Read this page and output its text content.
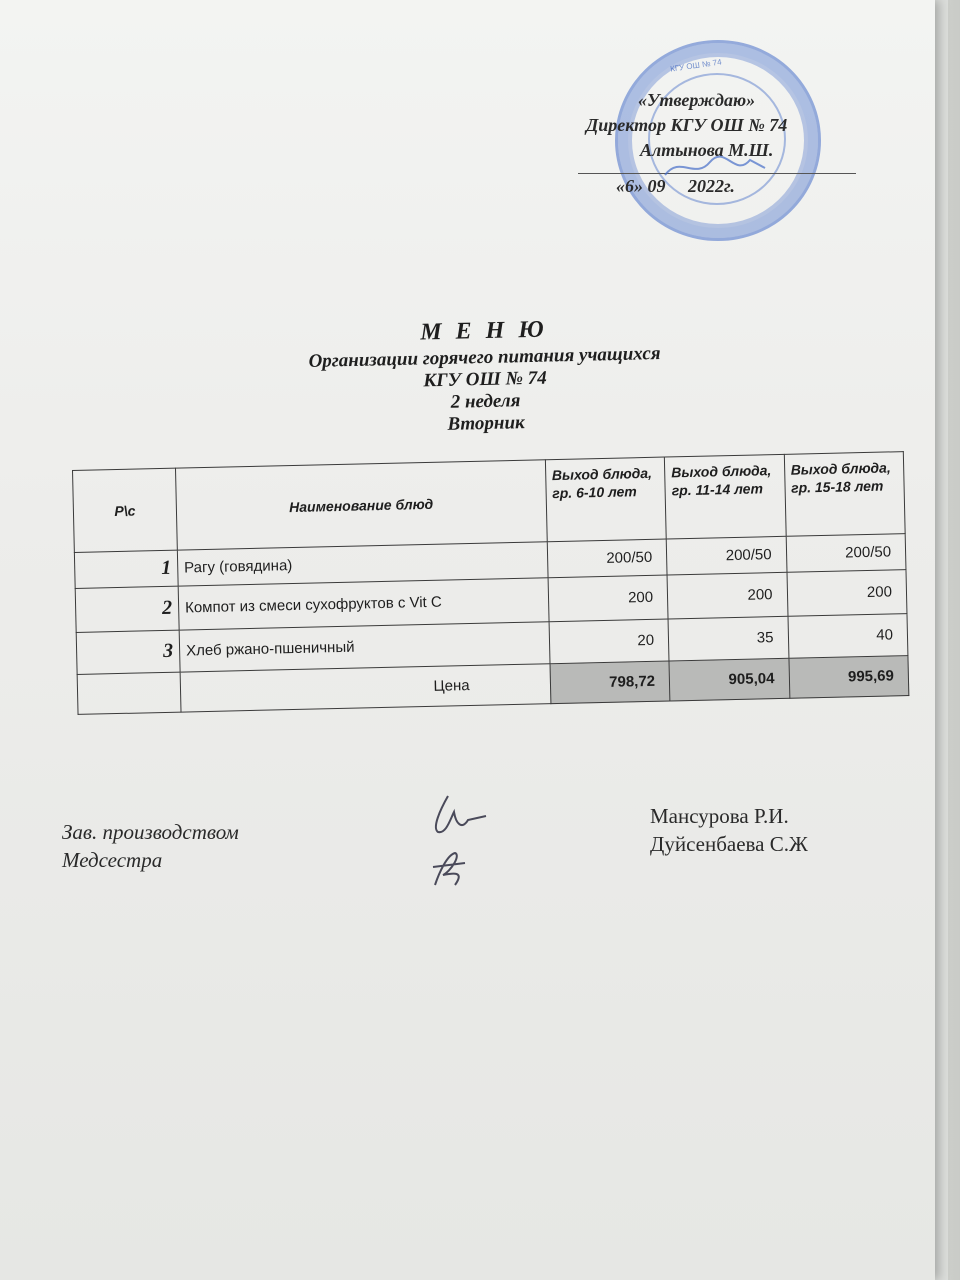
КГУ ОШ № 74
«Утверждаю»
Директор КГУ ОШ № 74
Алтынова М.Ш.
«6» 09 2022г.
М Е Н Ю
Организации горячего питания учащихся
КГУ ОШ № 74
2 неделя
Вторник
Р\с	Наименование блюд	Выход блюда, гр. 6-10 лет	Выход блюда, гр. 11-14 лет	Выход блюда, гр. 15-18 лет
1	Рагу (говядина)	200/50	200/50	200/50
2	Компот из смеси сухофруктов с Vit C	200	200	200
3	Хлеб ржано-пшеничный	20	35	40
	Цена	798,72	905,04	995,69
Зав. производством
Медсестра
Мансурова Р.И.
Дуйсенбаева С.Ж
